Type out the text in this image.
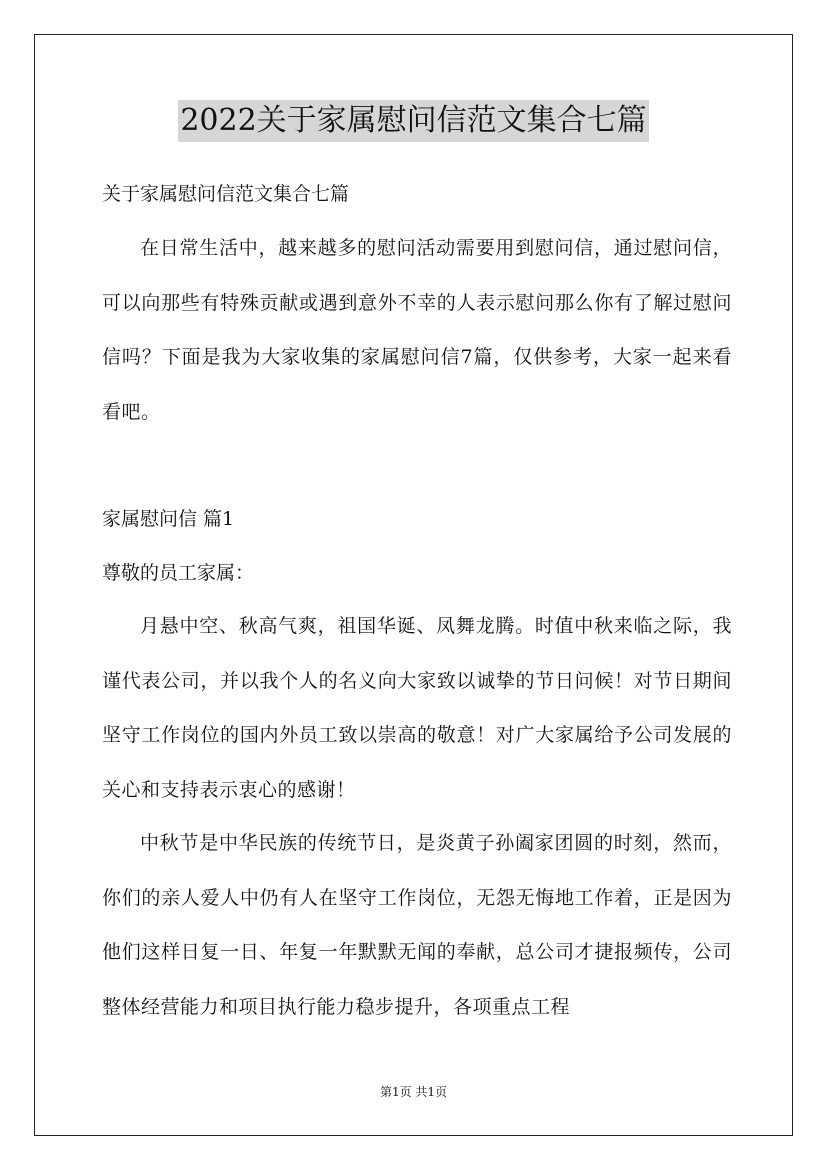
2022关于家属慰问信范文集合七篇
关于家属慰问信范文集合七篇
在日常生活中，越来越多的慰问活动需要用到慰问信，通过慰问信，可以向那些有特殊贡献或遇到意外不幸的人表示慰问那么你有了解过慰问信吗？下面是我为大家收集的家属慰问信7篇，仅供参考，大家一起来看看吧。
家属慰问信 篇1
尊敬的员工家属：
月悬中空、秋高气爽，祖国华诞、凤舞龙腾。时值中秋来临之际，我谨代表公司，并以我个人的名义向大家致以诚挚的节日问候！对节日期间坚守工作岗位的国内外员工致以崇高的敬意！对广大家属给予公司发展的关心和支持表示衷心的感谢！
中秋节是中华民族的传统节日，是炎黄子孙阖家团圆的时刻，然而，你们的亲人爱人中仍有人在坚守工作岗位，无怨无悔地工作着，正是因为他们这样日复一日、年复一年默默无闻的奉献，总公司才捷报频传，公司整体经营能力和项目执行能力稳步提升，各项重点工程
第1页 共1页
